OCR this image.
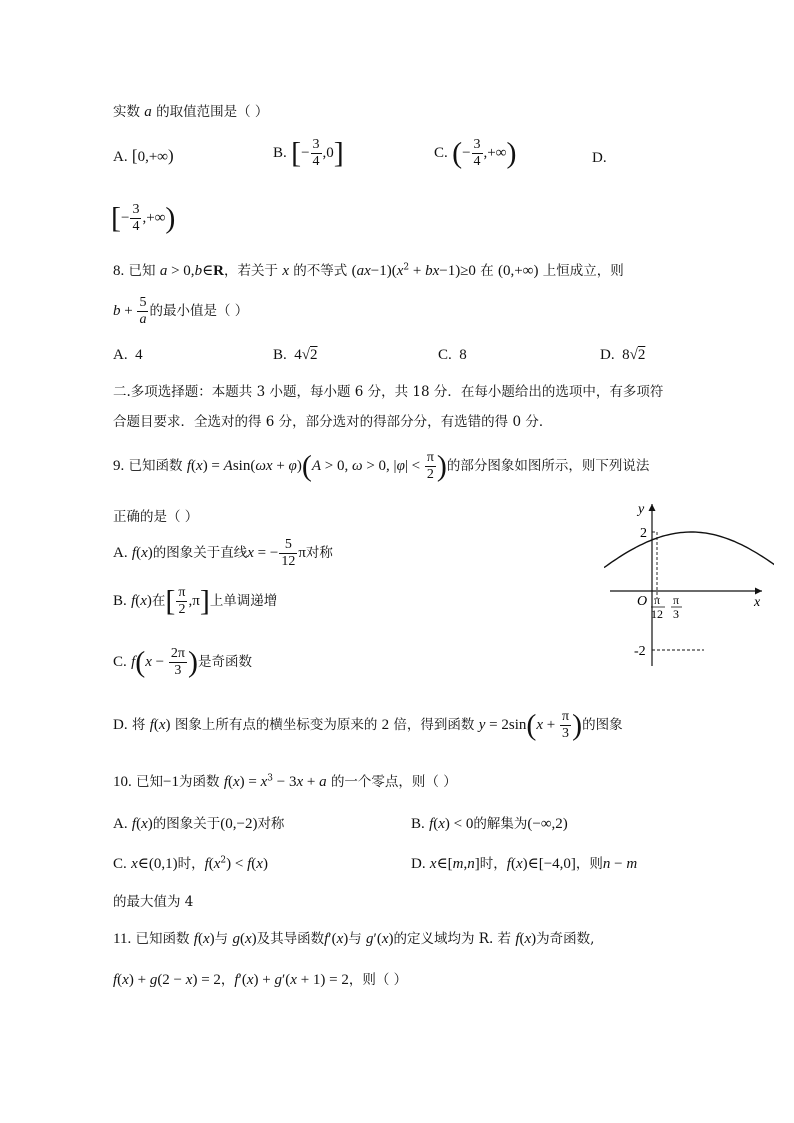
实数 a 的取值范围是（ ）
A. [0,+∞)	B. [− $\frac{3}{4} ,0$]	C. (− $\frac{3}{4}$ ,+∞)	D.
[− $\frac{3}{4}$ ,+∞)
8. 已知 a > 0,b∈R，若关于 x 的不等式 $(ax-1)(x^2 + bx-1)\ge 0$ 在 (0,+∞) 上恒成立，则
$b + \frac{5}{a}$ 的最小值是（ ）
A.  4	B.  4√2	C.  8	D.  8√2
二.多项选择题：本题共 3 小题，每小题 6 分，共 18 分．在每小题给出的选项中，有多项符
合题目要求．全选对的得 6 分，部分选对的得部分分，有选错的得 0 分．
9. 已知函数 f(x) = Asin(ωx + φ)(A > 0, ω > 0, $|\varphi| < \frac{\pi}{2}$ )的部分图象如图所示，则下列说法
正确的是（ ）
A. f(x)的图象关于直线x = − $\frac{5}{12}$ π对称
B. f(x)在[ $\frac{\pi}{2} ,\pi$]上单调递增
C. $f(x - \frac{2\pi}{3}$ )是奇函数
D. 将 f(x) 图象上所有点的横坐标变为原来的 2 倍，得到函数 $y = 2\sin(x + \frac{\pi}{3}$ )的图象
y
x
O
2
-2
π
12
π
3
10. 已知−1为函数 $f(x) = x^3 - 3x + a$ 的一个零点，则（ ）
A. f(x)的图象关于(0,−2)对称	B. f(x) < 0的解集为(−∞,2)
C. x∈(0,1)时，$f(x^2) < f(x)$	D. x∈[m,n]时，f(x)∈[−4,0]，则n − m
的最大值为 4
11. 已知函数 f(x)与 g(x)及其导函数f′(x)与 g′(x)的定义域均为 R. 若 f(x)为奇函数,
f(x) + g(2 − x) = 2，f′(x) + g′(x + 1) = 2，则（ ）
